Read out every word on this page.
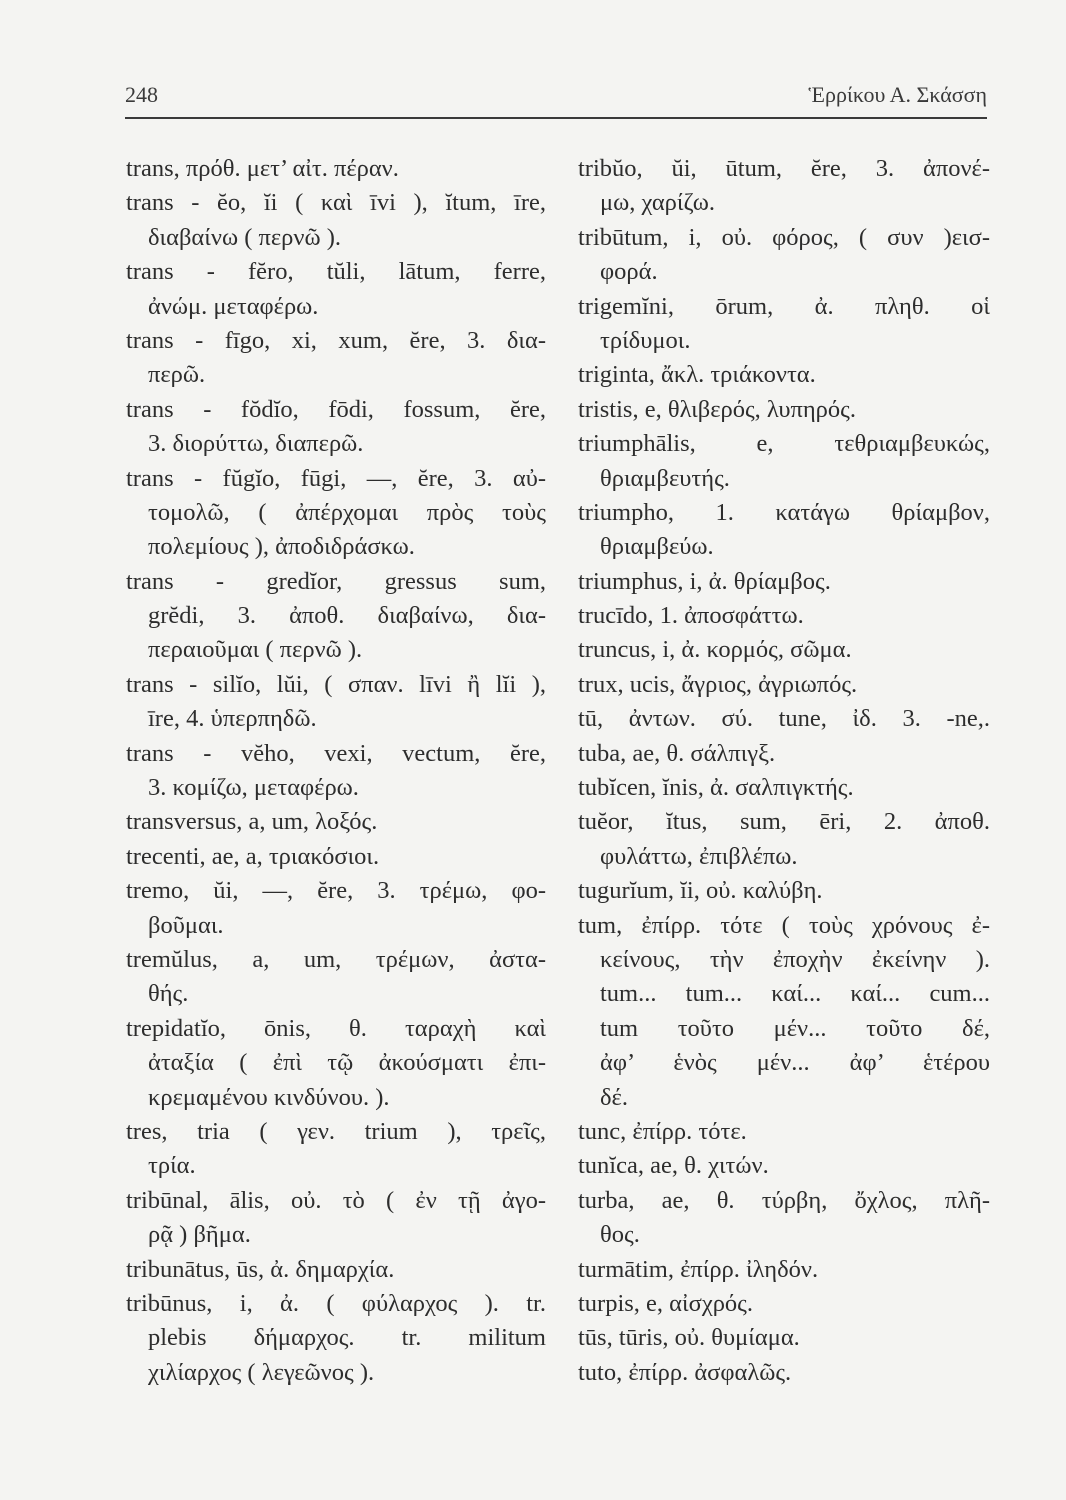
248	Ἑρρίκου Α. Σκάσση
trans, πρόθ. μετ’ αἰτ. πέραν.
trans - ĕo, ĭi ( καὶ īvi ), ĭtum, īre,
διαβαίνω ( περνῶ ).
trans - fĕro, tŭli, lātum, ferre,
ἀνώμ. μεταφέρω.
trans - fīgo, xi, xum, ĕre, 3. δια-
περῶ.
trans - fŏdĭo, fōdi, fossum, ĕre,
3. διορύττω, διαπερῶ.
trans - fŭgĭo, fūgi, —, ĕre, 3. αὐ-
τομολῶ, ( ἀπέρχομαι πρὸς τοὺς
πολεμίους ), ἀποδιδράσκω.
trans - gredĭor, gressus sum,
grĕdi, 3. ἀποθ. διαβαίνω, δια-
περαιοῦμαι ( περνῶ ).
trans - silĭo, lŭi, ( σπαν. līvi ἢ lĭi ),
īre, 4. ὑπερπηδῶ.
trans - vĕho, vexi, vectum, ĕre,
3. κομίζω, μεταφέρω.
transversus, a, um, λοξός.
trecenti, ae, a, τριακόσιοι.
tremo, ŭi, —, ĕre, 3. τρέμω, φο-
βοῦμαι.
tremŭlus, a, um, τρέμων, ἀστα-
θής.
trepidatĭo, ōnis, θ. ταραχὴ καὶ
ἀταξία ( ἐπὶ τῷ ἀκούσματι ἐπι-
κρεμαμένου κινδύνου. ).
tres, tria ( γεν. trium ), τρεῖς,
τρία.
tribūnal, ālis, οὐ. τὸ ( ἐν τῇ ἀγο-
ρᾷ ) βῆμα.
tribunātus, ūs, ἀ. δημαρχία.
tribūnus, i, ἀ. ( φύλαρχος ). tr.
plebis δήμαρχος. tr. militum
χιλίαρχος ( λεγεῶνος ).
tribŭo, ŭi, ūtum, ĕre, 3. ἀπονέ-
μω, χαρίζω.
tribūtum, i, οὐ. φόρος, ( συν )εισ-
φορά.
trigemĭni, ōrum, ἀ. πληθ. οἱ
τρίδυμοι.
triginta, ἄκλ. τριάκοντα.
tristis, e, θλιβερός, λυπηρός.
triumphālis, e, τεθριαμβευκώς,
θριαμβευτής.
triumpho, 1. κατάγω θρίαμβον,
θριαμβεύω.
triumphus, i, ἀ. θρίαμβος.
trucīdo, 1. ἀποσφάττω.
truncus, i, ἀ. κορμός, σῶμα.
trux, ucis, ἄγριος, ἀγριωπός.
tū, ἀντων. σύ. tune, ἰδ. 3. -ne,.
tuba, ae, θ. σάλπιγξ.
tubĭcen, ĭnis, ἀ. σαλπιγκτής.
tuĕor, ĭtus, sum, ēri, 2. ἀποθ.
φυλάττω, ἐπιβλέπω.
tugurĭum, ĭi, οὐ. καλύβη.
tum, ἐπίρρ. τότε ( τοὺς χρόνους ἐ-
κείνους, τὴν ἐποχὴν ἐκείνην ).
tum... tum... καί... καί... cum...
tum τοῦτο μέν... τοῦτο δέ,
ἀφ’ ἑνὸς μέν... ἀφ’ ἑτέρου
δέ.
tunc, ἐπίρρ. τότε.
tunĭca, ae, θ. χιτών.
turba, ae, θ. τύρβη, ὄχλος, πλῆ-
θος.
turmātim, ἐπίρρ. ἰληδόν.
turpis, e, αἰσχρός.
tūs, tūris, οὐ. θυμίαμα.
tuto, ἐπίρρ. ἀσφαλῶς.
